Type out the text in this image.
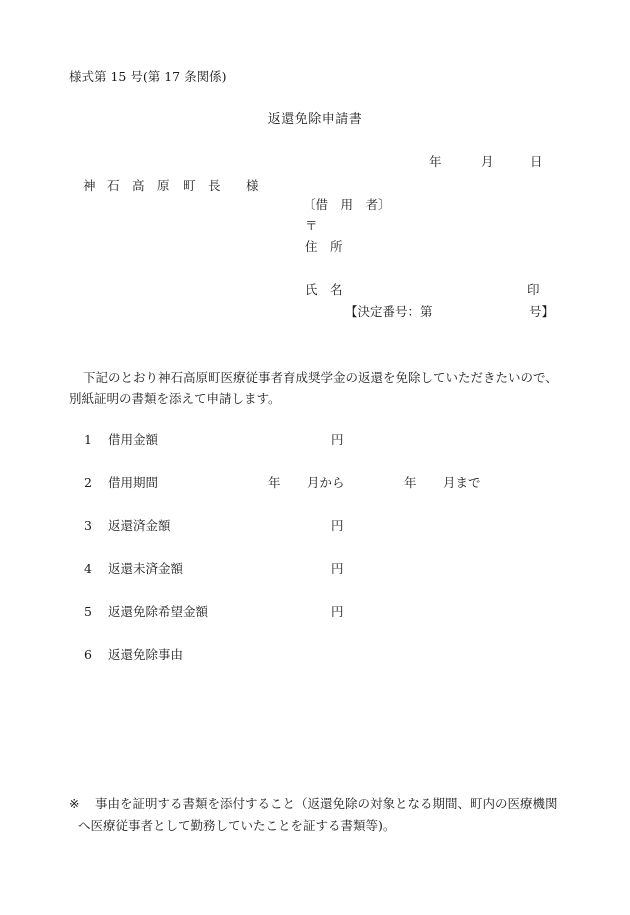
様式第 15 号(第 17 条関係)
返還免除申請書
年	月	日
神 石 高 原 町 長 様
〔借　用　者〕
〒
住　所
氏　名	印
【決定番号：第	号】
下記のとおり神石高原町医療従事者育成奨学金の返還を免除していただきたいので、
別紙証明の書類を添えて申請します。
1 借用金額	円
2 借用期間	年 月から	年 月まで
3 返還済金額	円
4 返還未済金額	円
5 返還免除希望金額	円
6 返還免除事由
※ 事由を証明する書類を添付すること（返還免除の対象となる期間、町内の医療機関
へ医療従事者として勤務していたことを証する書類等)。
